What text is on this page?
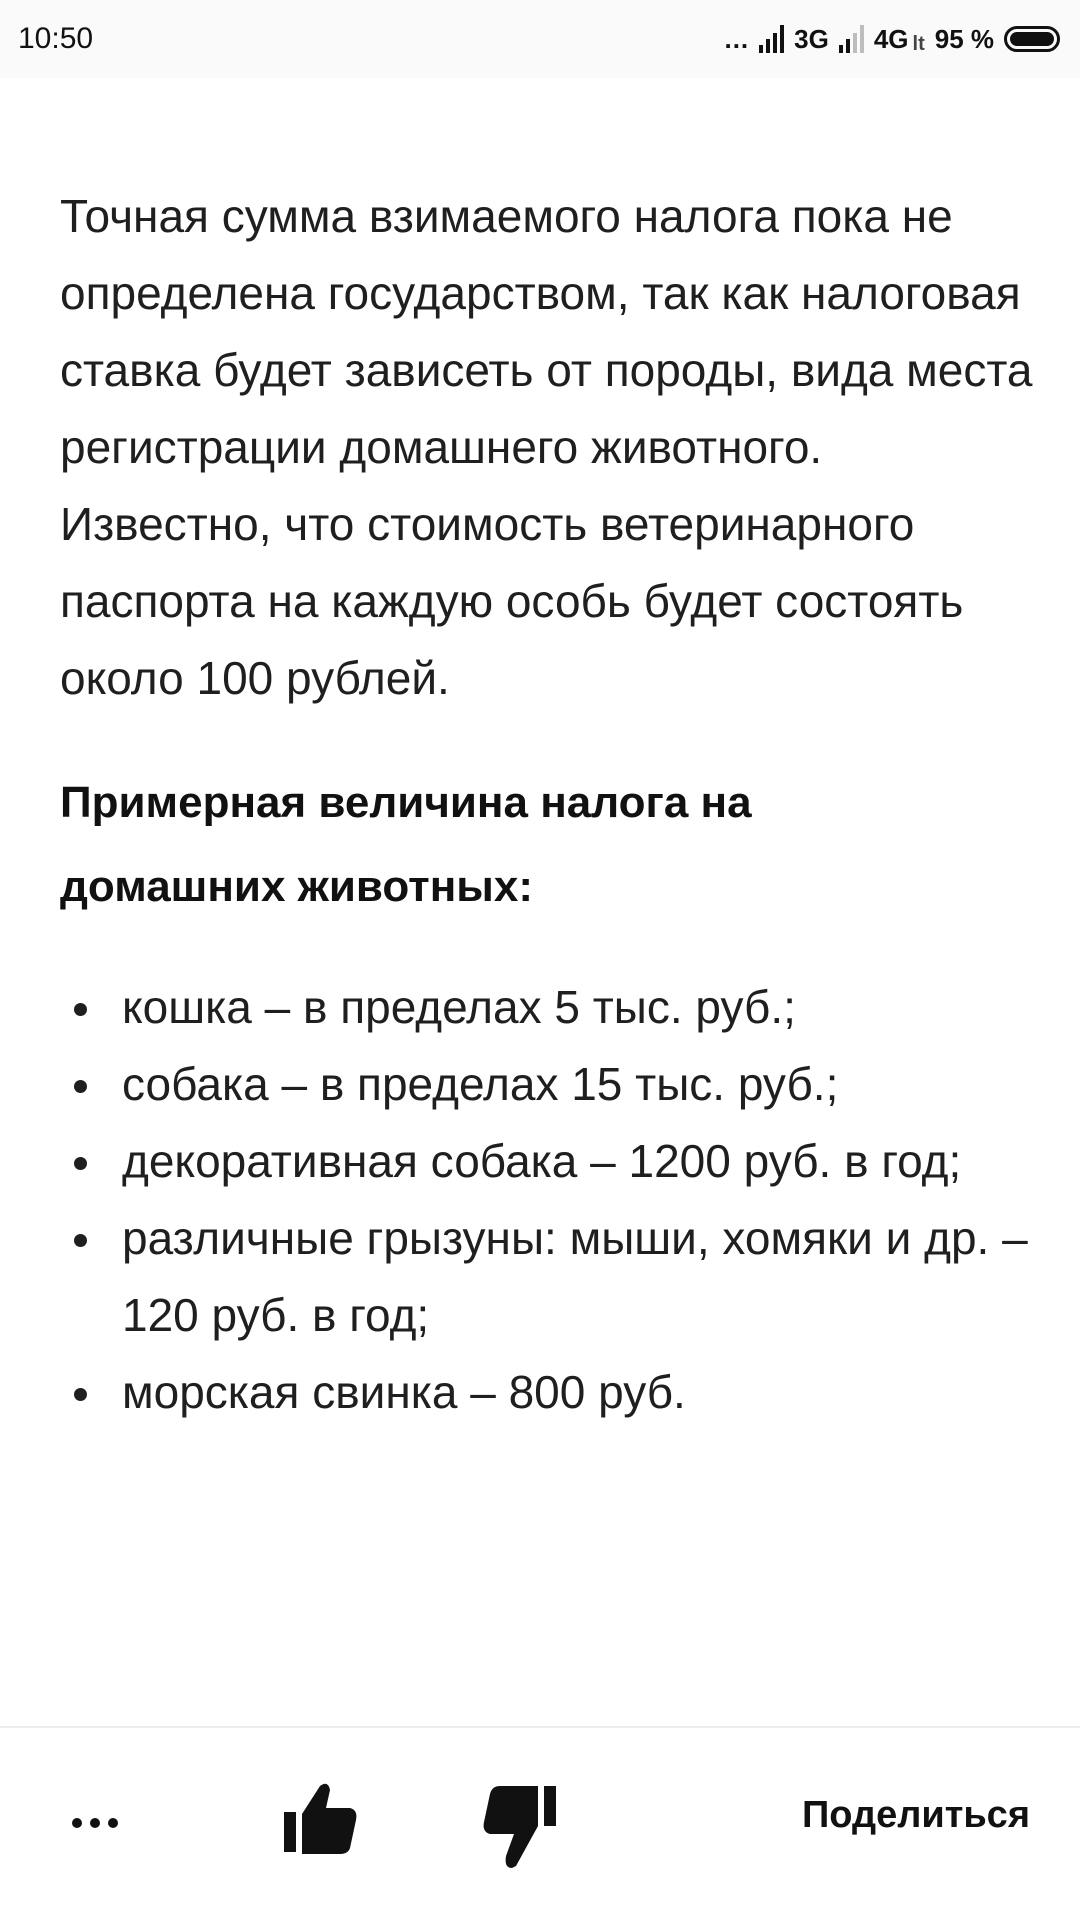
10:50	... 3G 4G lt 95 %

Точная сумма взимаемого налога пока не определена государством, так как налоговая ставка будет зависеть от породы, вида места регистрации домашнего животного. Известно, что стоимость ветеринарного паспорта на каждую особь будет состоять около 100 рублей.

Примерная величина налога на домашних животных:
кошка – в пределах 5 тыс. руб.;
собака – в пределах 15 тыс. руб.;
декоративная собака – 1200 руб. в год;
различные грызуны: мыши, хомяки и др. – 120 руб. в год;
морская свинка – 800 руб.
Поделиться
